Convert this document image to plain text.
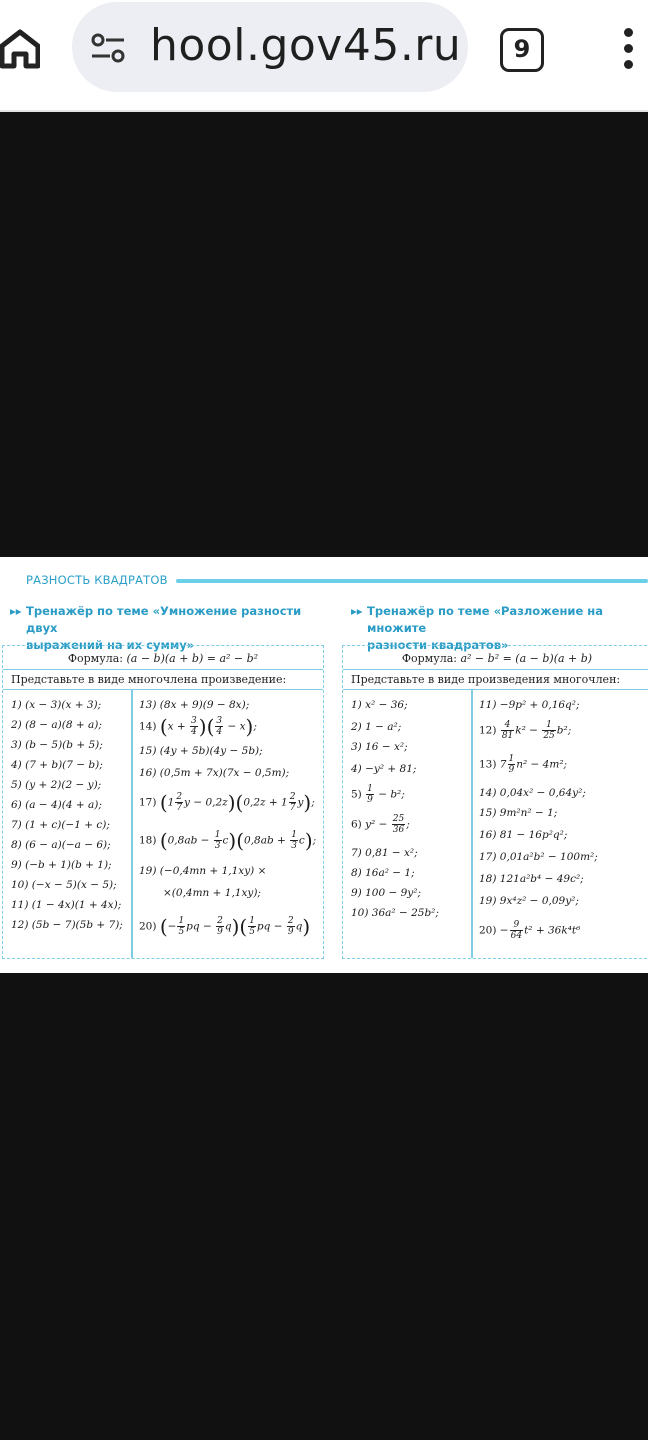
hool.gov45.ru	9
РАЗНОСТЬ КВАДРАТОВ
▸▸ Тренажёр по теме «Умножение разности двух
выражений на их сумму»
▸▸ Тренажёр по теме «Разложение на множите
разности квадратов»
Формула: (a − b)(a + b) = a² − b²
Представьте в виде многочлена произведение:
1) (x − 3)(x + 3);
2) (8 − a)(8 + a);
3) (b − 5)(b + 5);
4) (7 + b)(7 − b);
5) (y + 2)(2 − y);
6) (a − 4)(4 + a);
7) (1 + c)(−1 + c);
8) (6 − a)(−a − 6);
9) (−b + 1)(b + 1);
10) (−x − 5)(x − 5);
11) (1 − 4x)(1 + 4x);
12) (5b − 7)(5b + 7);
13) (8x + 9)(9 − 8x);
14) ($x + \frac{3}{4}$ )( $\frac{3}{4} - x$);
15) (4y + 5b)(4y − 5b);
16) (0,5m + 7x)(7x − 0,5m);
17) ($1 \frac{2}{7}$ $y - 0,2z)(0,2z + 1 \frac{2}{7} y)$;
18) $(0,8ab - \frac{1}{3} c)(0,8ab + \frac{1}{3} c)$;
19) (−0,4mn + 1,1xy) ×
×(0,4mn + 1,1xy);
20) (− $\frac{1}{5}$ pq − $\frac{2}{9} q)( \frac{1}{5}$ pq − $\frac{2}{9} q$)
Формула: a² − b² = (a − b)(a + b)
Представьте в виде произведения многочлен:
1) x² − 36;
2) 1 − a²;
3) 16 − x²;
4) −y² + 81;
$5) \frac{1}{9} - b^2$;
6) $y^2 - \frac{25}{36}$ ;
7) 0,81 − x²;
8) 16a² − 1;
9) 100 − 9y²;
10) 36a² − 25b²;
11) −9p² + 0,16q²;
$12) \frac{4}{81} k^2 - \frac{1}{25} b^2$;
13) $7 \frac{1}{9} n^2 - 4m^2$;
14) 0,04x² − 0,64y²;
15) 9m²n² − 1;
16) 81 − 16p²q²;
17) 0,01a²b² − 100m²;
18) 121a²b⁴ − 49c²;
19) 9x⁴z² − 0,09y²;
$20) - \frac{9}{64} t^2 + 36k^4t^6$
